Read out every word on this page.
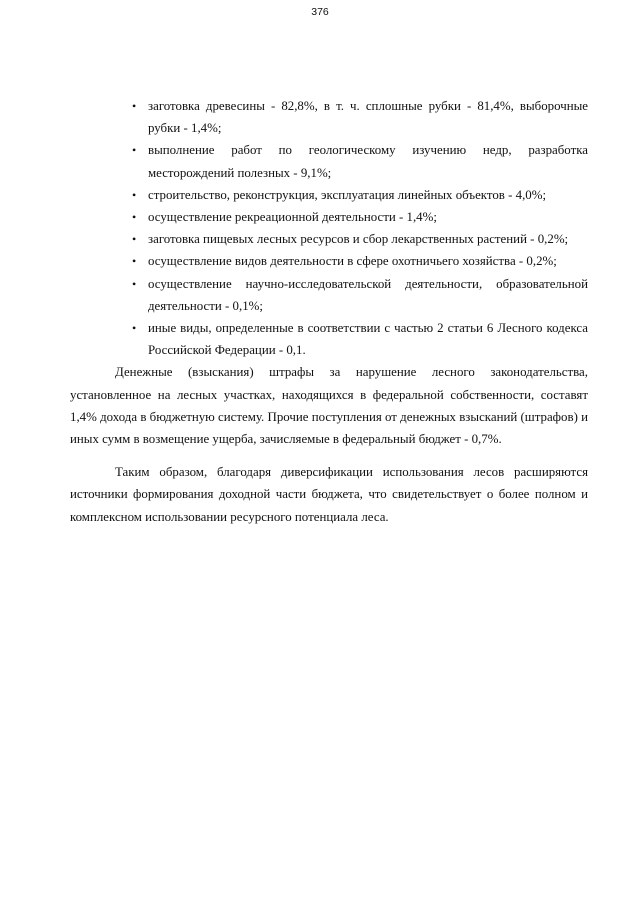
376
• заготовка древесины - 82,8%, в т. ч. сплошные рубки - 81,4%, выборочные рубки - 1,4%;
• выполнение работ по геологическому изучению недр, разработка месторождений полезных - 9,1%;
• строительство, реконструкция, эксплуатация линейных объектов - 4,0%;
• осуществление рекреационной деятельности - 1,4%;
• заготовка пищевых лесных ресурсов и сбор лекарственных растений - 0,2%;
• осуществление видов деятельности в сфере охотничьего хозяйства - 0,2%;
• осуществление научно-исследовательской деятельности, образовательной деятельности - 0,1%;
• иные виды, определенные в соответствии с частью 2 статьи 6 Лесного кодекса Российской Федерации - 0,1.

Денежные (взыскания) штрафы за нарушение лесного законодательства, установленное на лесных участках, находящихся в федеральной собственности, составят 1,4% дохода в бюджетную систему. Прочие поступления от денежных взысканий (штрафов) и иных сумм в возмещение ущерба, зачисляемые в федеральный бюджет - 0,7%.

Таким образом, благодаря диверсификации использования лесов расширяются источники формирования доходной части бюджета, что свидетельствует о более полном и комплексном использовании ресурсного потенциала леса.
